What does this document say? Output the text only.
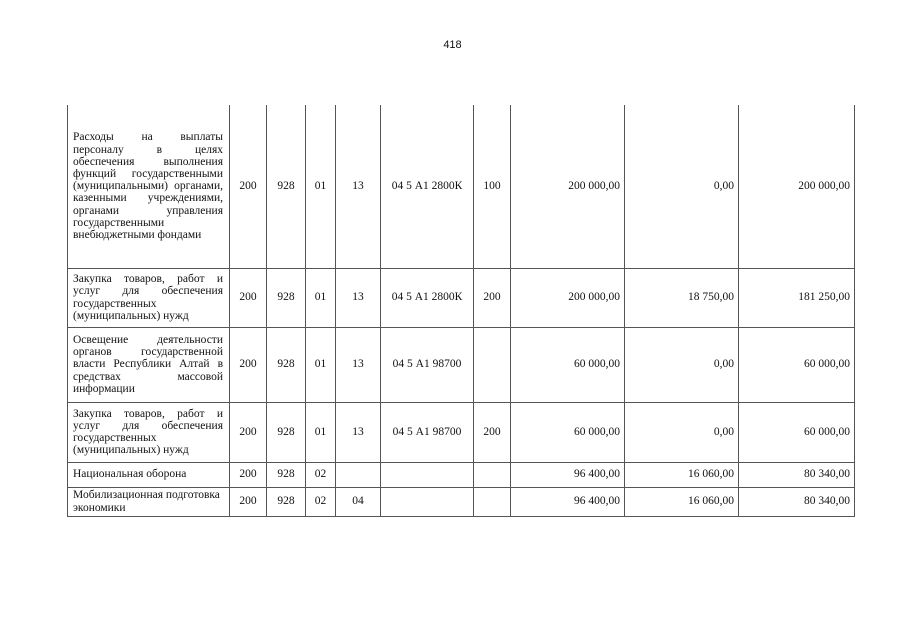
418
Расходы на выплаты персоналу в целях обеспечения выполнения функций государственными (муниципальными) органами, казенными учреждениями, органами управления государственными внебюджетными фондами	200	928	01	13	04 5 А1 2800К	100	200 000,00	0,00	200 000,00
Закупка товаров, работ и услуг для обеспечения государственных (муниципальных) нужд	200	928	01	13	04 5 А1 2800К	200	200 000,00	18 750,00	181 250,00
Освещение деятельности органов государственной власти Республики Алтай в средствах массовой информации	200	928	01	13	04 5 А1 98700		60 000,00	0,00	60 000,00
Закупка товаров, работ и услуг для обеспечения государственных (муниципальных) нужд	200	928	01	13	04 5 А1 98700	200	60 000,00	0,00	60 000,00
Национальная оборона	200	928	02				96 400,00	16 060,00	80 340,00
Мобилизационная подготовка экономики	200	928	02	04			96 400,00	16 060,00	80 340,00
